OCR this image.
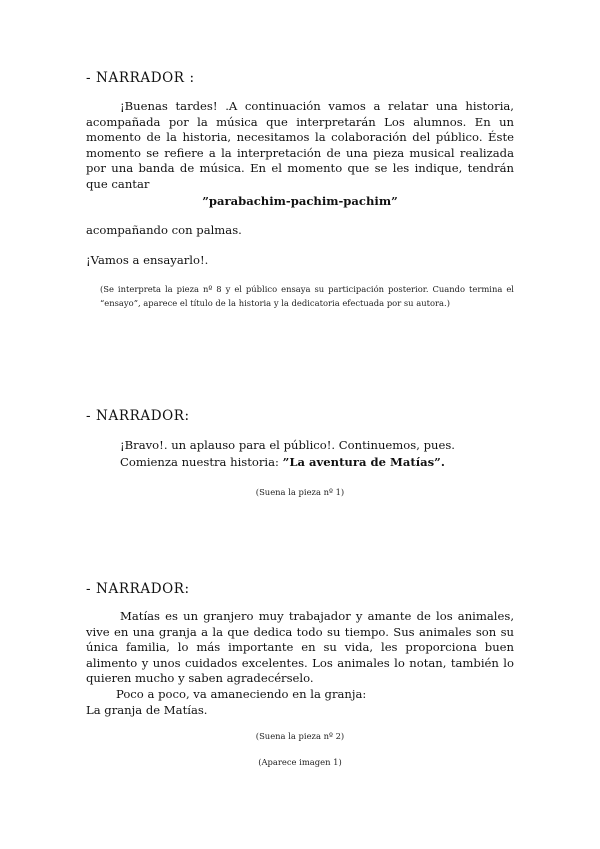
- NARRADOR :
¡Buenas tardes! .A continuación vamos a relatar una historia, acompañada por la música que interpretarán Los alumnos. En un momento de la historia, necesitamos la colaboración del público. Éste momento se refiere a la interpretación de una pieza musical realizada por una banda de música. En el momento que se les indique, tendrán que cantar
”parabachim-pachim-pachim”
acompañando con palmas.
¡Vamos a ensayarlo!.
(Se interpreta la pieza nº 8 y el público ensaya su participación posterior. Cuando termina el “ensayo”, aparece el título de la historia y la dedicatoria efectuada por su autora.)
- NARRADOR:
¡Bravo!. un aplauso para el público!. Continuemos, pues.
Comienza nuestra historia: ”La aventura de Matías”.
(Suena la pieza nº 1)
- NARRADOR:
Matías es un granjero muy trabajador y amante de los animales, vive en una granja a la que dedica todo su tiempo. Sus animales son su única familia, lo más importante en su vida, les proporciona buen alimento y unos cuidados excelentes. Los animales lo notan, también lo quieren mucho y saben agradecérselo.
Poco a poco, va amaneciendo en la granja:
La granja de Matías.
(Suena la pieza nº 2)
(Aparece imagen 1)
